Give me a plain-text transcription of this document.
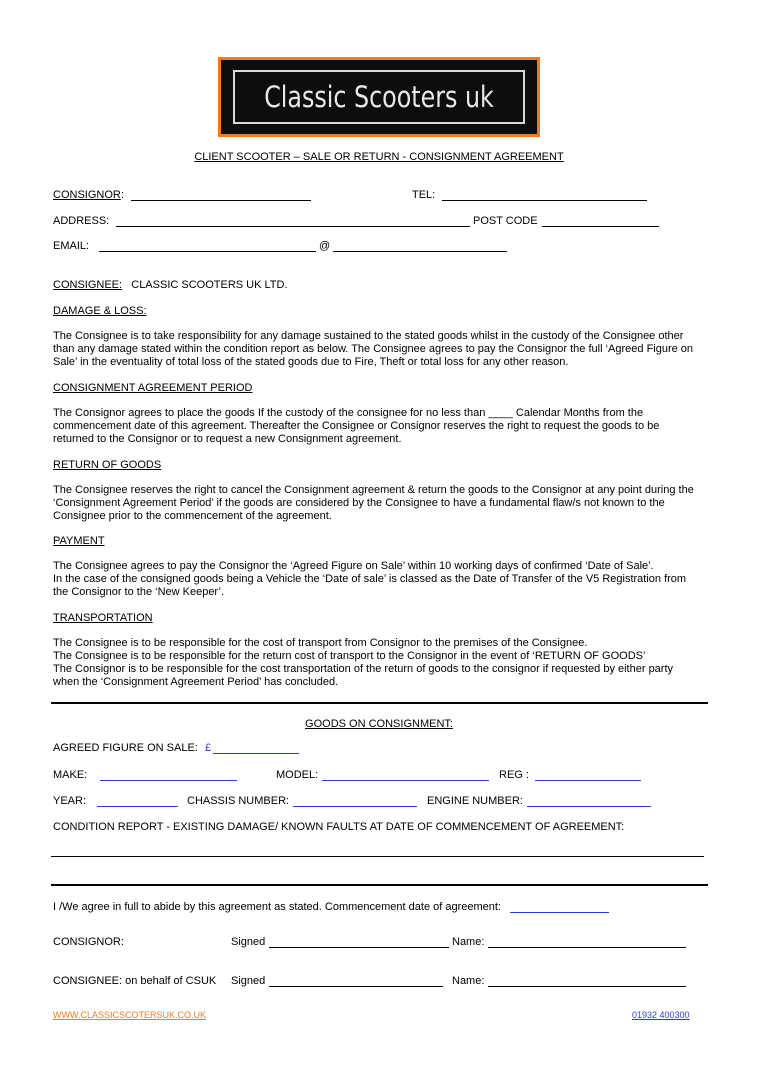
Classic Scooters uk
CLIENT SCOOTER – SALE OR RETURN - CONSIGNMENT AGREEMENT
CONSIGNOR:	TEL:
ADDRESS:	POST CODE
EMAIL:	@
CONSIGNEE: CLASSIC SCOOTERS UK LTD.
DAMAGE & LOSS:
The Consignee is to take responsibility for any damage sustained to the stated goods whilst in the custody of the Consignee other
than any damage stated within the condition report as below. The Consignee agrees to pay the Consignor the full ‘Agreed Figure on
Sale’ in the eventuality of total loss of the stated goods due to Fire, Theft or total loss for any other reason.
CONSIGNMENT AGREEMENT PERIOD
The Consignor agrees to place the goods If the custody of the consignee for no less than ____ Calendar Months from the
commencement date of this agreement. Thereafter the Consignee or Consignor reserves the right to request the goods to be
returned to the Consignor or to request a new Consignment agreement.
RETURN OF GOODS
The Consignee reserves the right to cancel the Consignment agreement & return the goods to the Consignor at any point during the
‘Consignment Agreement Period’ if the goods are considered by the Consignee to have a fundamental flaw/s not known to the
Consignee prior to the commencement of the agreement.
PAYMENT
The Consignee agrees to pay the Consignor the ‘Agreed Figure on Sale’ within 10 working days of confirmed ‘Date of Sale’.
In the case of the consigned goods being a Vehicle the ‘Date of sale’ is classed as the Date of Transfer of the V5 Registration from
the Consignor to the ‘New Keeper’.
TRANSPORTATION
The Consignee is to be responsible for the cost of transport from Consignor to the premises of the Consignee.
The Consignee is to be responsible for the return cost of transport to the Consignor in the event of ‘RETURN OF GOODS’
The Consignor is to be responsible for the cost transportation of the return of goods to the consignor if requested by either party
when the ‘Consignment Agreement Period’ has concluded.
GOODS ON CONSIGNMENT:
AGREED FIGURE ON SALE: £
MAKE:	MODEL:	REG :
YEAR:	CHASSIS NUMBER:	ENGINE NUMBER:
CONDITION REPORT - EXISTING DAMAGE/ KNOWN FAULTS AT DATE OF COMMENCEMENT OF AGREEMENT:
I /We agree in full to abide by this agreement as stated. Commencement date of agreement:
CONSIGNOR:	Signed	Name:
CONSIGNEE: on behalf of CSUK Signed	Name:
WWW.CLASSICSCOTERSUK.CO.UK	01932 400300
